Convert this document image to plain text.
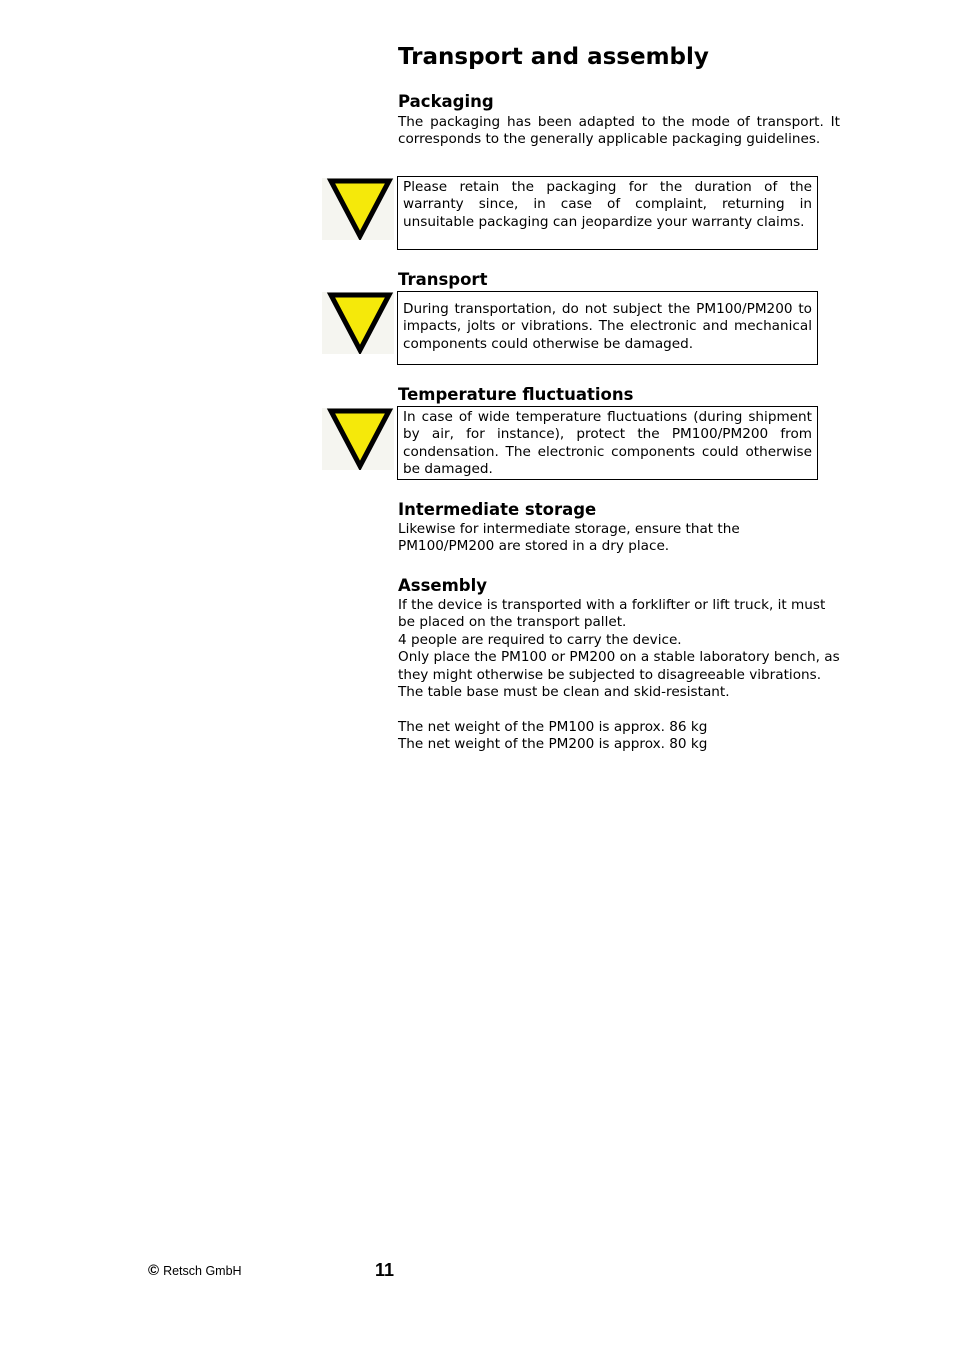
Transport and assembly
Packaging

The packaging has been adapted to the mode of transport. It corresponds to the generally applicable packaging guidelines.

Please retain the packaging for the duration of the warranty since, in case of complaint, returning in unsuitable packaging can jeopardize your warranty claims.
Transport
During transportation, do not subject the PM100/PM200 to impacts, jolts or vibrations. The electronic and mechanical components could otherwise be damaged.
Temperature fluctuations
In case of wide temperature fluctuations (during shipment by air, for instance), protect the PM100/PM200 from condensation. The electronic components could otherwise be damaged.
Intermediate storage

Likewise for intermediate storage, ensure that the
PM100/PM200 are stored in a dry place.

Assembly

If the device is transported with a forklifter or lift truck, it must
be placed on the transport pallet.
4 people are required to carry the device.
Only place the PM100 or PM200 on a stable laboratory bench, as
they might otherwise be subjected to disagreeable vibrations.
The table base must be clean and skid-resistant.

The net weight of the PM100 is approx. 86 kg
The net weight of the PM200 is approx. 80 kg

© Retsch GmbH	11
